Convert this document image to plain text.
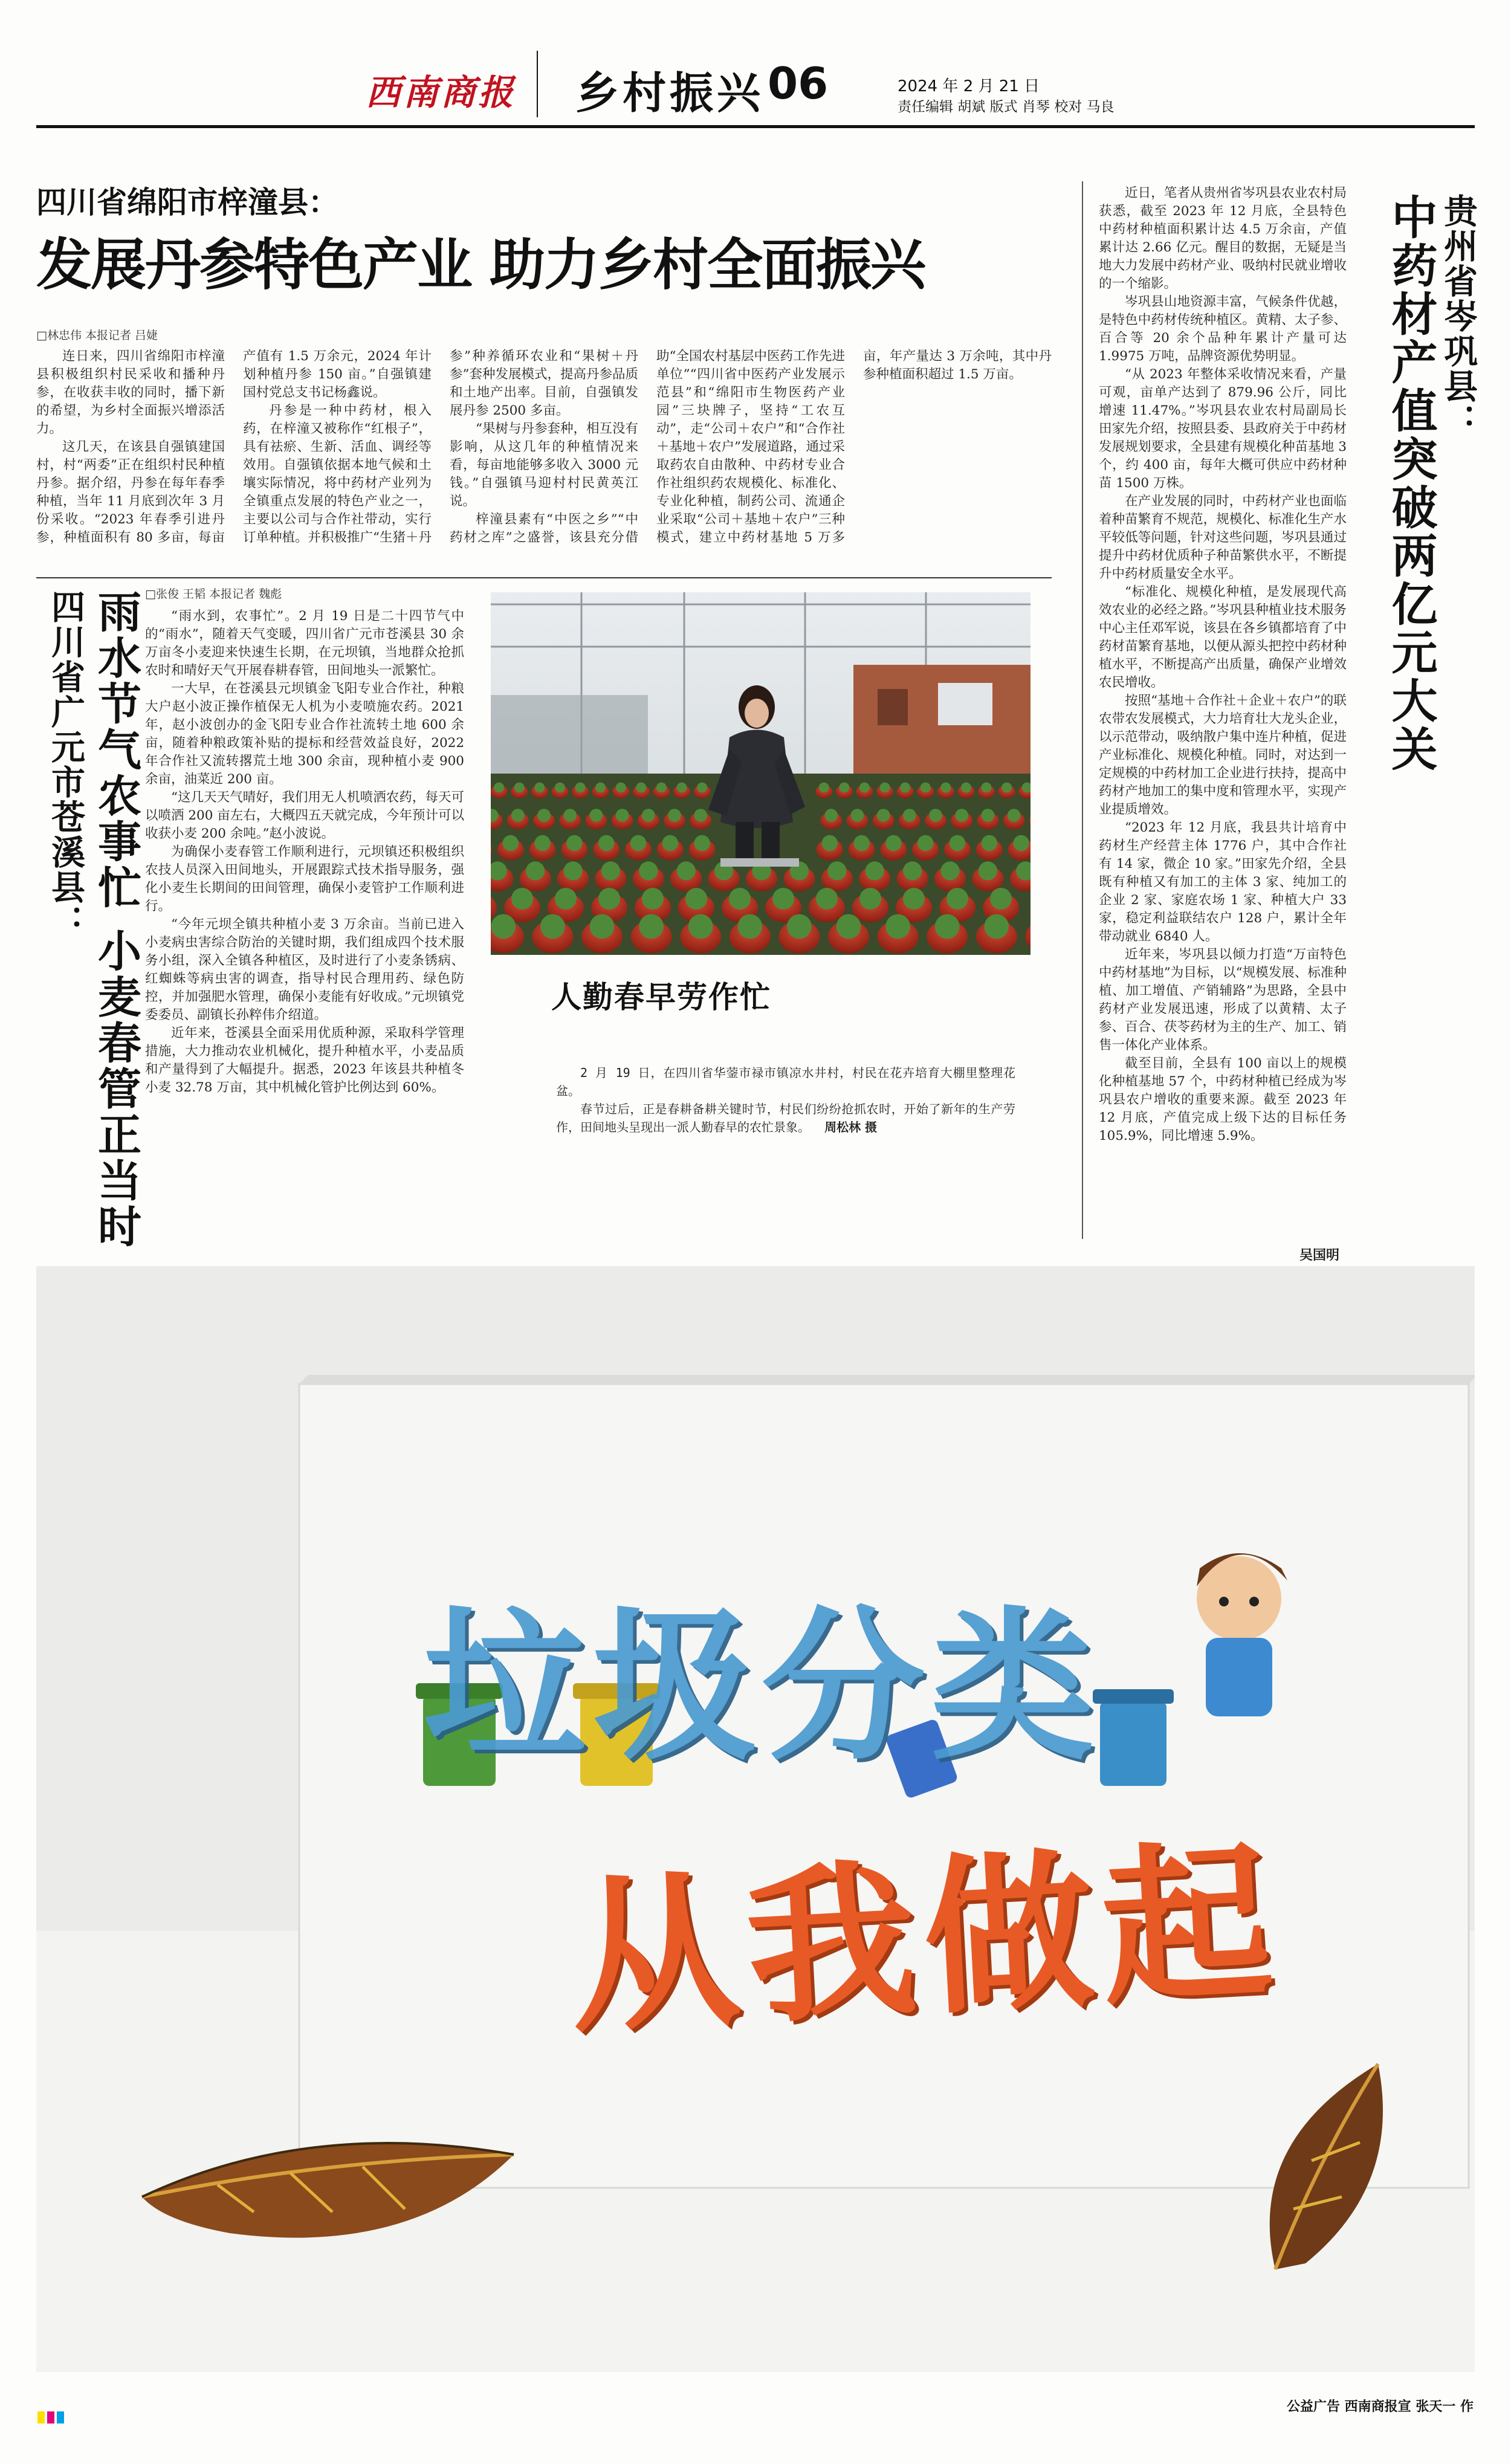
西南商报 乡村振兴 06	2024 年 2 月 21 日
责任编辑 胡斌 版式 肖琴 校对 马良
四川省绵阳市梓潼县：
发展丹参特色产业 助力乡村全面振兴
□林忠伟 本报记者 吕婕

连日来，四川省绵阳市梓潼县积极组织村民采收和播种丹参，在收获丰收的同时，播下新的希望，为乡村全面振兴增添活力。

这几天，在该县自强镇建国村，村“两委”正在组织村民种植丹参。据介绍，丹参在每年春季种植，当年 11 月底到次年 3 月份采收。“2023 年春季引进丹参，种植面积有 80 多亩，每亩产值有 1.5 万余元，2024 年计划种植丹参 150 亩。”自强镇建国村党总支书记杨鑫说。

丹参是一种中药材，根入药，在梓潼又被称作“红根子”，具有祛瘀、生新、活血、调经等效用。自强镇依据本地气候和土壤实际情况，将中药材产业列为全镇重点发展的特色产业之一，主要以公司与合作社带动，实行订单种植。并积极推广“生猪＋丹参”种养循环农业和“果树＋丹参”套种发展模式，提高丹参品质和土地产出率。目前，自强镇发展丹参 2500 多亩。

“果树与丹参套种，相互没有影响，从这几年的种植情况来看，每亩地能够多收入 3000 元钱。”自强镇马迎村村民黄英江说。

梓潼县素有“中医之乡”“中药材之库”之盛誉，该县充分借助“全国农村基层中医药工作先进单位”“四川省中医药产业发展示范县”和“绵阳市生物医药产业园”三块牌子，坚持“工农互动”，走“公司＋农户”和“合作社＋基地＋农户”发展道路，通过采取药农自由散种、中药材专业合作社组织药农规模化、标准化、专业化种植，制药公司、流通企业采取“公司＋基地＋农户”三种模式，建立中药材基地 5 万多亩，年产量达 3 万余吨，其中丹参种植面积超过 1.5 万亩。

四川省广元市苍溪县： 雨水节气农事忙 小麦春管正当时 □张俊 王韬 本报记者 魏彪

“雨水到，农事忙”。2 月 19 日是二十四节气中的“雨水”，随着天气变暖，四川省广元市苍溪县 30 余万亩冬小麦迎来快速生长期，在元坝镇，当地群众抢抓农时和晴好天气开展春耕春管，田间地头一派繁忙。

一大早，在苍溪县元坝镇金飞阳专业合作社，种粮大户赵小波正操作植保无人机为小麦喷施农药。2021 年，赵小波创办的金飞阳专业合作社流转土地 600 余亩，随着种粮政策补贴的提标和经营效益良好，2022 年合作社又流转撂荒土地 300 余亩，现种植小麦 900 余亩，油菜近 200 亩。

“这几天天气晴好，我们用无人机喷洒农药，每天可以喷洒 200 亩左右，大概四五天就完成，今年预计可以收获小麦 200 余吨。”赵小波说。

为确保小麦春管工作顺利进行，元坝镇还积极组织农技人员深入田间地头，开展跟踪式技术指导服务，强化小麦生长期间的田间管理，确保小麦管护工作顺利进行。

“今年元坝全镇共种植小麦 3 万余亩。当前已进入小麦病虫害综合防治的关键时期，我们组成四个技术服务小组，深入全镇各种植区，及时进行了小麦条锈病、红蜘蛛等病虫害的调查，指导村民合理用药、绿色防控，并加强肥水管理，确保小麦能有好收成。”元坝镇党委委员、副镇长孙粹伟介绍道。

近年来，苍溪县全面采用优质种源，采取科学管理措施，大力推动农业机械化，提升种植水平，小麦品质和产量得到了大幅提升。据悉，2023 年该县共种植冬小麦 32.78 万亩，其中机械化管护比例达到 60%。

人勤春早劳作忙

2 月 19 日，在四川省华蓥市禄市镇凉水井村，村民在花卉培育大棚里整理花盆。

春节过后，正是春耕备耕关键时节，村民们纷纷抢抓农时，开始了新年的生产劳作，田间地头呈现出一派人勤春早的农忙景象。 周松林 摄

近日，笔者从贵州省岑巩县农业农村局获悉，截至 2023 年 12 月底，全县特色中药材种植面积累计达 4.5 万余亩，产值累计达 2.66 亿元。醒目的数据，无疑是当地大力发展中药材产业、吸纳村民就业增收的一个缩影。

岑巩县山地资源丰富，气候条件优越，是特色中药材传统种植区。黄精、太子参、百合等 20 余个品种年累计产量可达 1.9975 万吨，品牌资源优势明显。

“从 2023 年整体采收情况来看，产量可观，亩单产达到了 879.96 公斤，同比增速 11.47%。”岑巩县农业农村局副局长田家先介绍，按照县委、县政府关于中药材发展规划要求，全县建有规模化种苗基地 3 个，约 400 亩，每年大概可供应中药材种苗 1500 万株。

在产业发展的同时，中药材产业也面临着种苗繁育不规范，规模化、标准化生产水平较低等问题，针对这些问题，岑巩县通过提升中药材优质种子种苗繁供水平，不断提升中药材质量安全水平。

“标准化、规模化种植，是发展现代高效农业的必经之路。”岑巩县种植业技术服务中心主任邓军说，该县在各乡镇都培育了中药材苗繁育基地，以便从源头把控中药材种植水平，不断提高产出质量，确保产业增效农民增收。

按照“基地＋合作社＋企业＋农户”的联农带农发展模式，大力培育壮大龙头企业，以示范带动，吸纳散户集中连片种植，促进产业标准化、规模化种植。同时，对达到一定规模的中药材加工企业进行扶持，提高中药材产地加工的集中度和管理水平，实现产业提质增效。

“2023 年 12 月底，我县共计培育中药材生产经营主体 1776 户，其中合作社有 14 家，微企 10 家。”田家先介绍，全县既有种植又有加工的主体 3 家、纯加工的企业 2 家、家庭农场 1 家、种植大户 33 家，稳定利益联结农户 128 户，累计全年带动就业 6840 人。

近年来，岑巩县以倾力打造“万亩特色中药材基地”为目标，以“规模发展、标准种植、加工增值、产销辅路”为思路，全县中药材产业发展迅速，形成了以黄精、太子参、百合、茯苓药材为主的生产、加工、销售一体化产业体系。

截至目前，全县有 100 亩以上的规模化种植基地 57 个，中药材种植已经成为岑巩县农户增收的重要来源。截至 2023 年 12 月底，产值完成上级下达的目标任务 105.9%，同比增速 5.9%。

吴国明
贵州省岑巩县：
中药材产值突破两亿元大关
垃圾分类
从我做起
公益广告 西南商报宣 张天一 作
